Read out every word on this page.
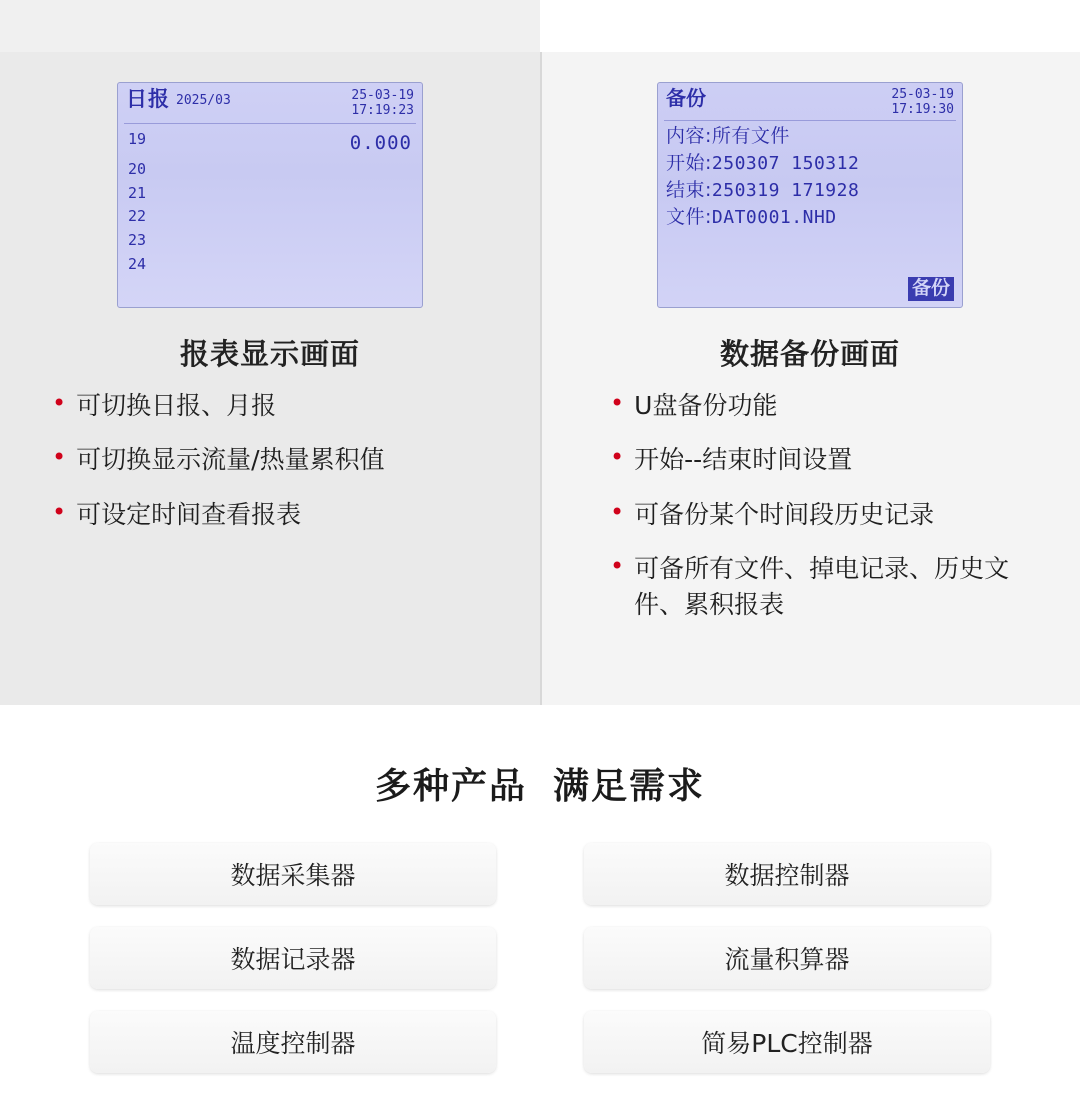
日报 2025/03	25-03-19
17:19:23
19	0.000
20
21
22
23
24
报表显示画面
• 可切换日报、月报
• 可切换显示流量/热量累积值
• 可设定时间查看报表
备份	25-03-19
17:19:30
内容:所有文件
开始:250307 150312
结束:250319 171928
文件:DAT0001.NHD
备份
数据备份画面
• U盘备份功能
• 开始--结束时间设置
• 可备份某个时间段历史记录
• 可备所有文件、掉电记录、历史文件、累积报表
多种产品 满足需求
数据采集器	数据控制器
数据记录器	流量积算器
温度控制器	简易PLC控制器
